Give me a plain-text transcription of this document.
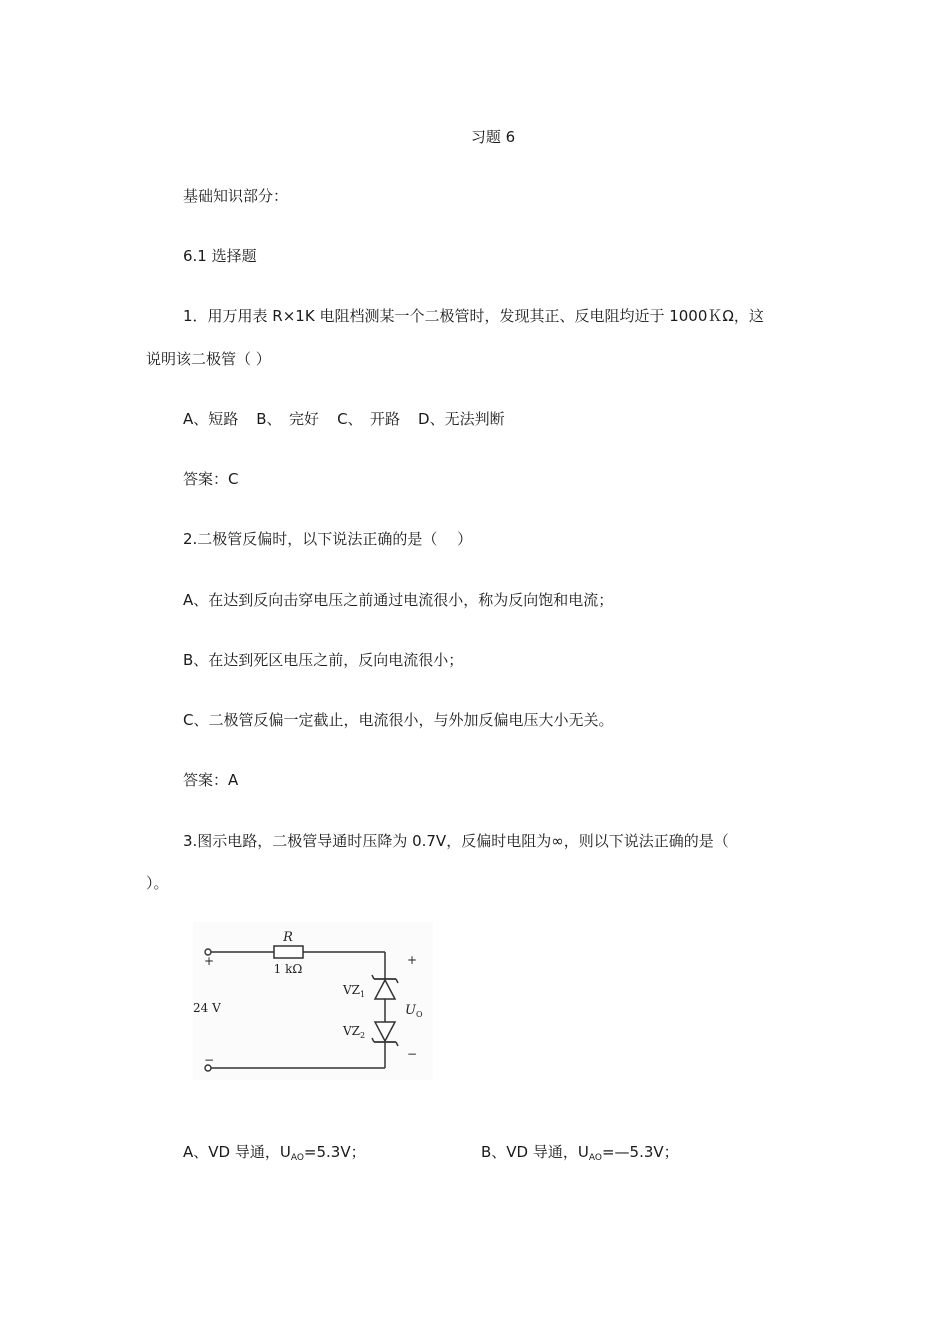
习题 6
基础知识部分：
6.1 选择题
1．用万用表 R×1K 电阻档测某一个二极管时，发现其正、反电阻均近于 1000ＫΩ，这
说明该二极管（ ）
A、短路 B、　完好 C、　开路 D、无法判断
答案：C
2.二极管反偏时，以下说法正确的是（　 ）
A、在达到反向击穿电压之前通过电流很小，称为反向饱和电流；
B、在达到死区电压之前，反向电流很小；
C、二极管反偏一定截止，电流很小，与外加反偏电压大小无关。
答案：A
3.图示电路，二极管导通时压降为 0.7V，反偏时电阻为∞，则以下说法正确的是（
）。
R
1 kΩ
+
−
24 V
+
−
$VZ_1$
$VZ_2$
$U_O$
A、VD 导通，$U_{AO}=5.3V$；	B、VD 导通，$U_{AO}=—5.3V$；
